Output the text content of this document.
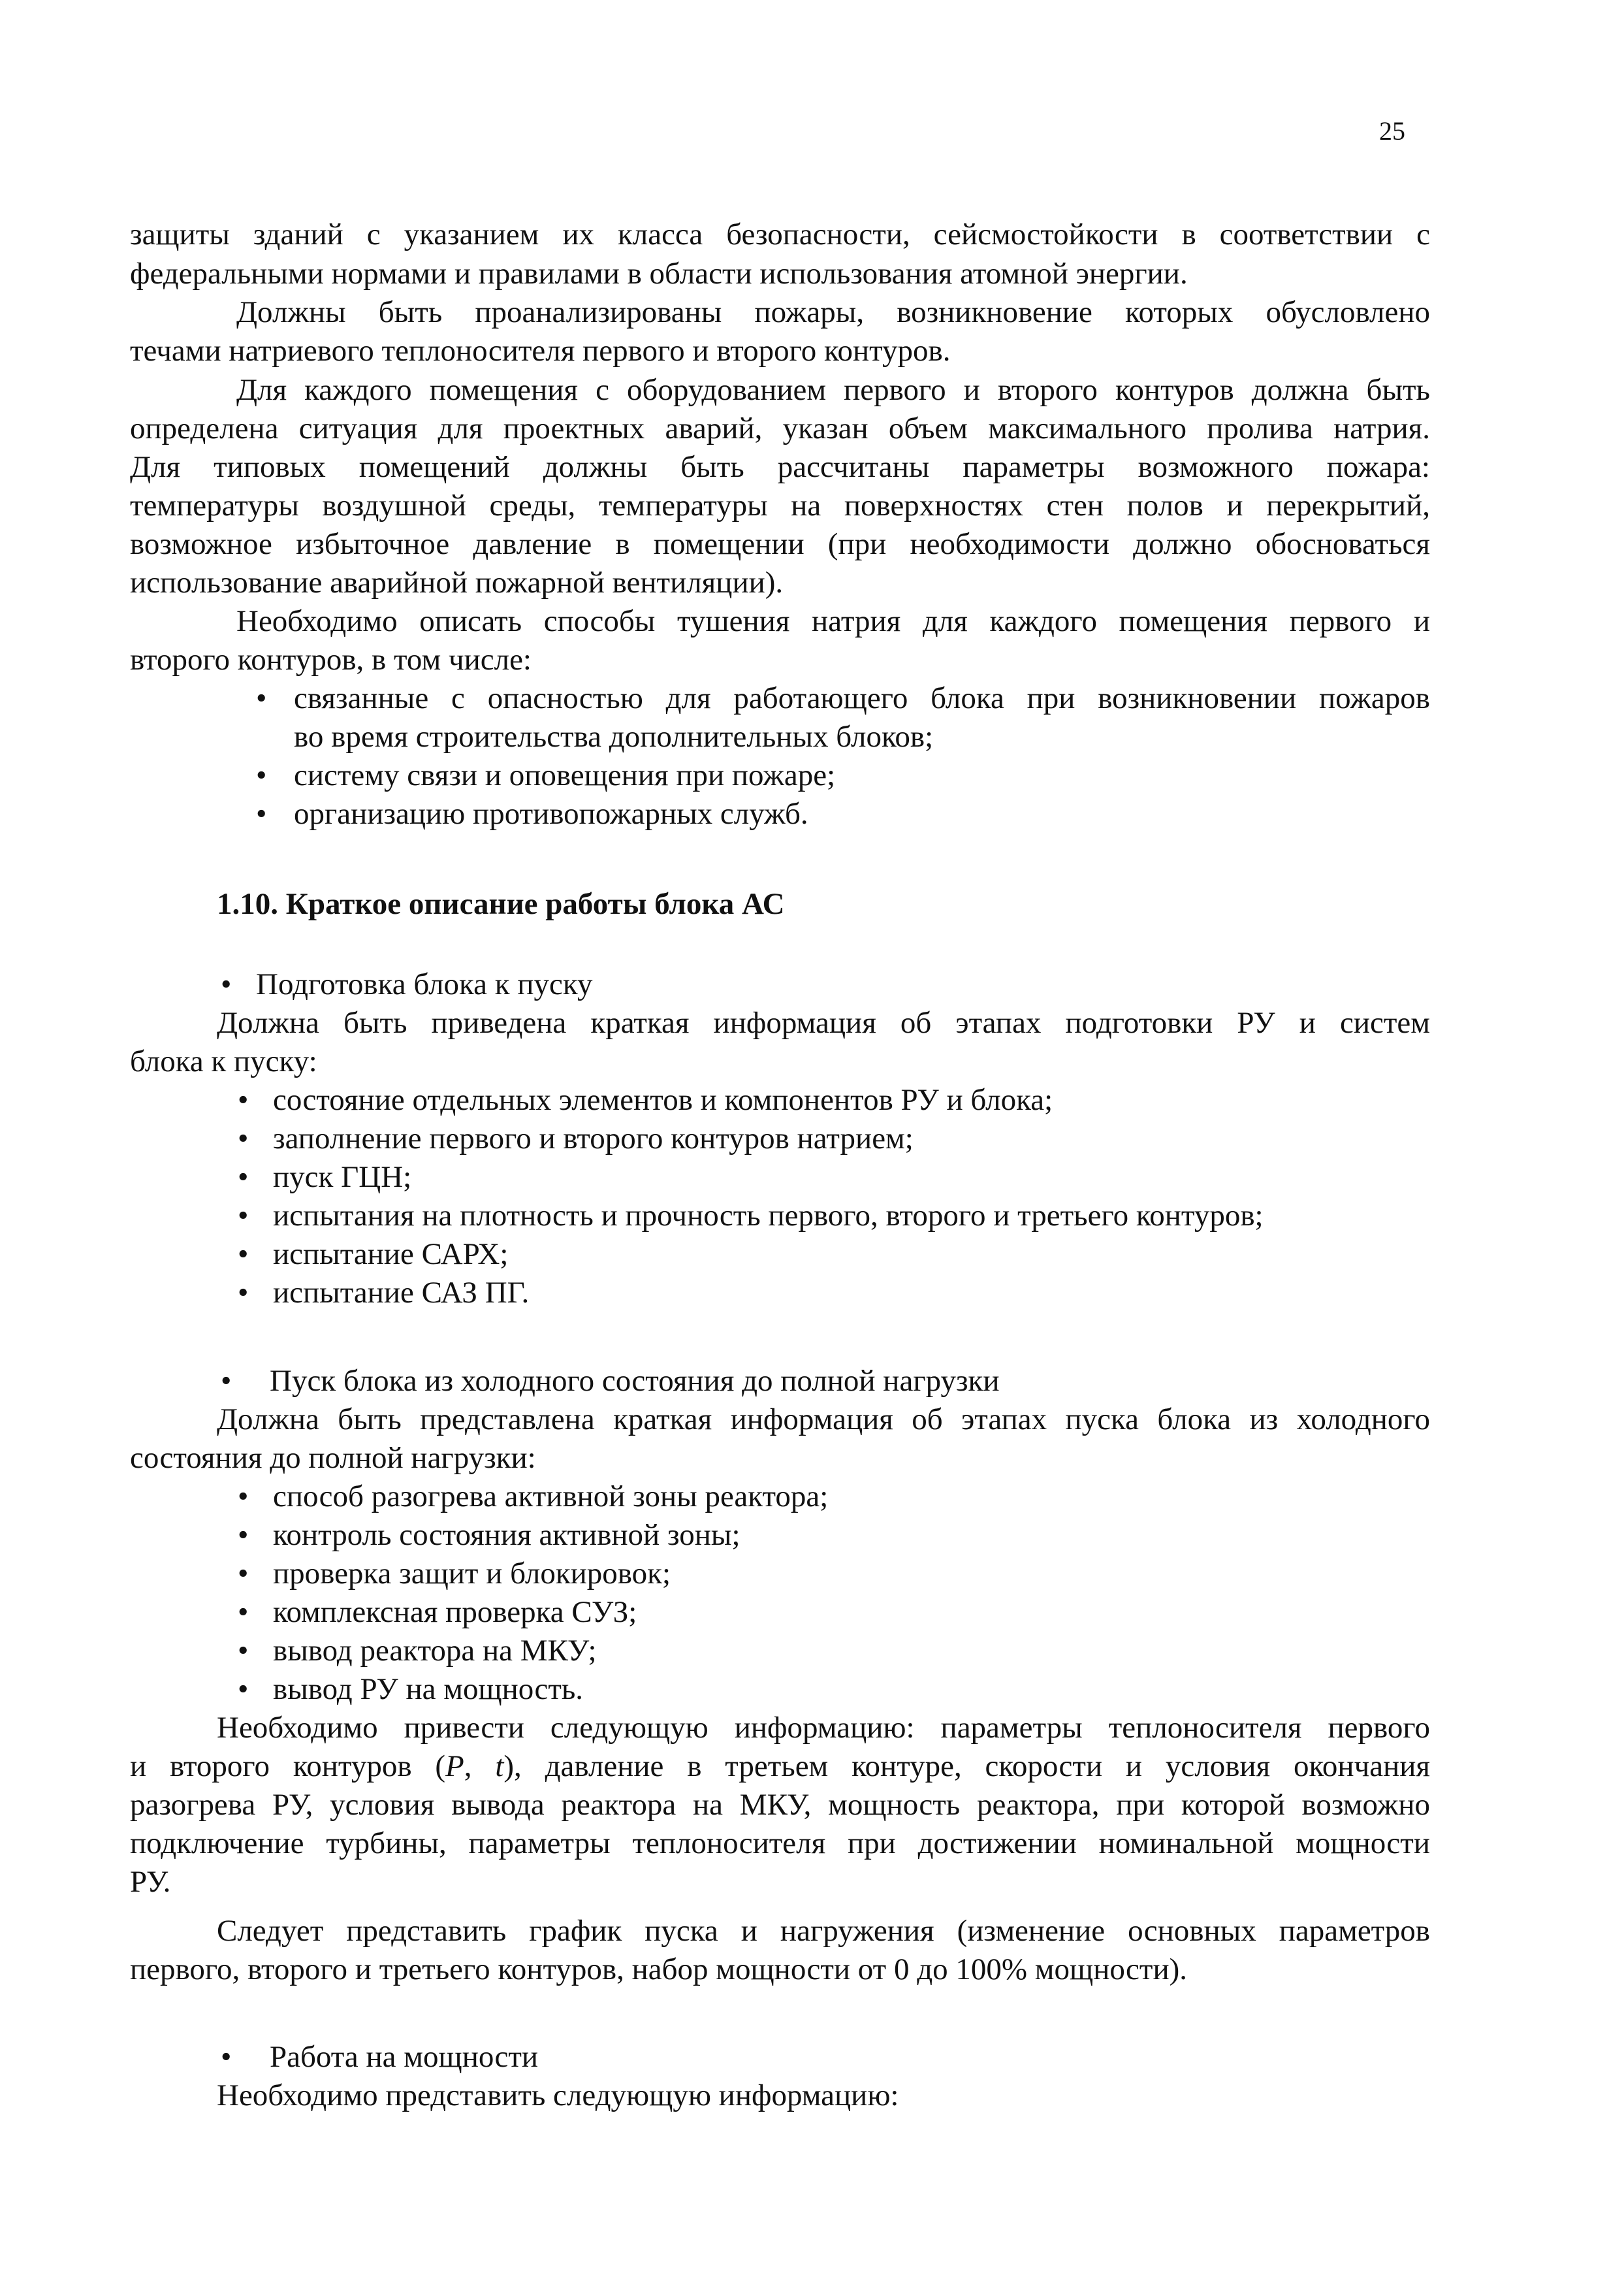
25
защиты зданий с указанием их класса безопасности, сейсмостойкости в соответствии с
федеральными нормами и правилами в области использования атомной энергии.
Должны быть проанализированы пожары, возникновение которых обусловлено
течами натриевого теплоносителя первого и второго контуров.
Для каждого помещения с оборудованием первого и второго контуров должна быть
определена ситуация для проектных аварий, указан объем максимального пролива натрия.
Для типовых помещений должны быть рассчитаны параметры возможного пожара:
температуры воздушной среды, температуры на поверхностях стен полов и перекрытий,
возможное избыточное давление в помещении (при необходимости должно обосноваться
использование аварийной пожарной вентиляции).
Необходимо описать способы тушения натрия для каждого помещения первого и
второго контуров, в том числе:
• связанные с опасностью для работающего блока при возникновении пожаров
во время строительства дополнительных блоков;
• систему связи и оповещения при пожаре;
• организацию противопожарных служб.
1.10. Краткое описание работы блока АС
• Подготовка блока к пуску
Должна быть приведена краткая информация об этапах подготовки РУ и систем
блока к пуску:
• состояние отдельных элементов и компонентов РУ и блока;
• заполнение первого и второго контуров натрием;
• пуск ГЦН;
• испытания на плотность и прочность первого, второго и третьего контуров;
• испытание САРХ;
• испытание САЗ ПГ.
• Пуск блока из холодного состояния до полной нагрузки
Должна быть представлена краткая информация об этапах пуска блока из холодного
состояния до полной нагрузки:
• способ разогрева активной зоны реактора;
• контроль состояния активной зоны;
• проверка защит и блокировок;
• комплексная проверка СУЗ;
• вывод реактора на МКУ;
• вывод РУ на мощность.
Необходимо привести следующую информацию: параметры теплоносителя первого
и второго контуров (P, t), давление в третьем контуре, скорости и условия окончания
разогрева РУ, условия вывода реактора на МКУ, мощность реактора, при которой возможно
подключение турбины, параметры теплоносителя при достижении номинальной мощности
РУ.
Следует представить график пуска и нагружения (изменение основных параметров
первого, второго и третьего контуров, набор мощности от 0 до 100% мощности).
• Работа на мощности
Необходимо представить следующую информацию:
